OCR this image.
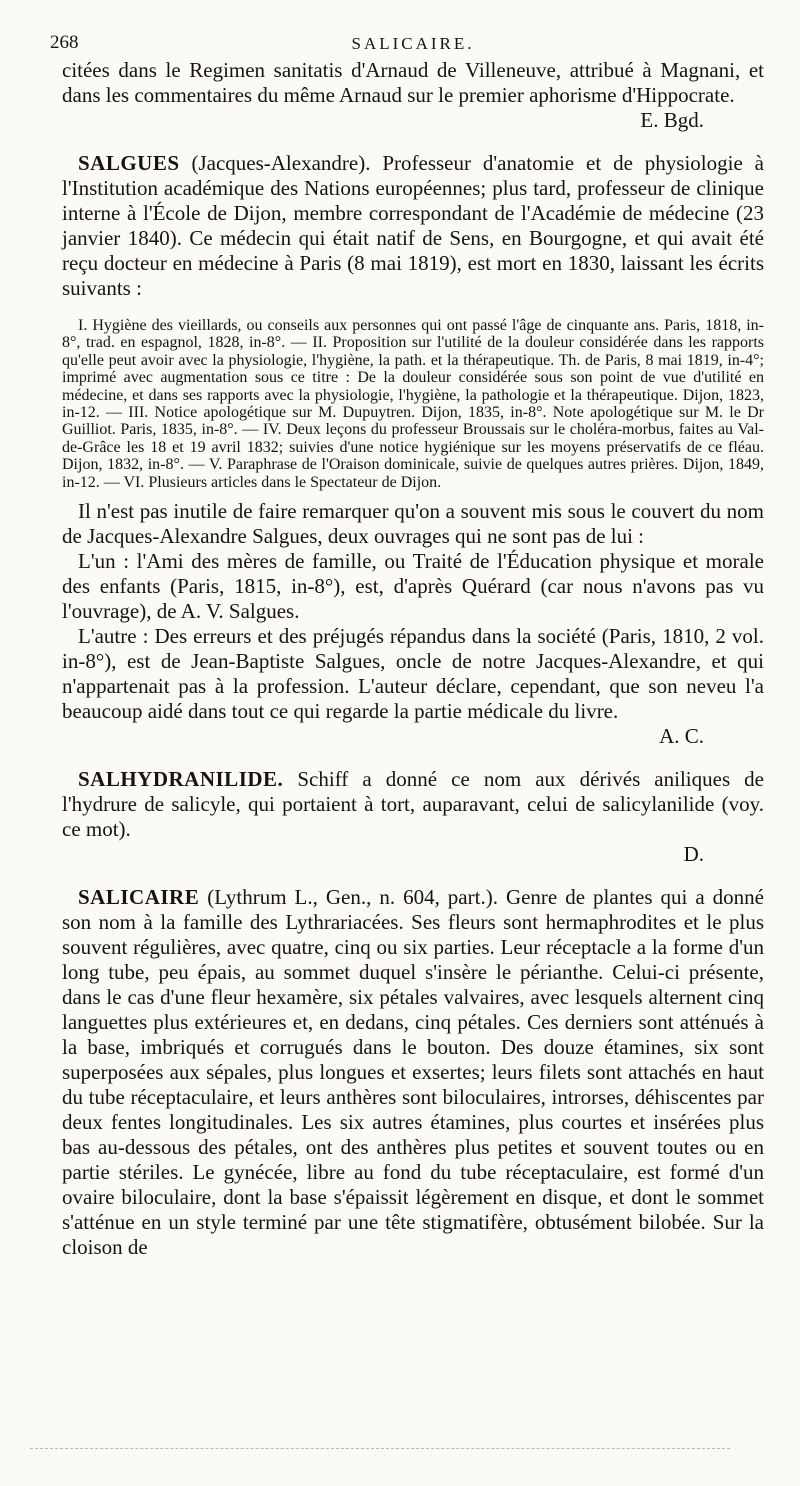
268	SALICAIRE.

citées dans le Regimen sanitatis d'Arnaud de Villeneuve, attribué à Magnani, et dans les commentaires du même Arnaud sur le premier aphorisme d'Hippocrate.

E. Bgd.

SALGUES (Jacques-Alexandre). Professeur d'anatomie et de physiologie à l'Institution académique des Nations européennes; plus tard, professeur de clinique interne à l'École de Dijon, membre correspondant de l'Académie de médecine (23 janvier 1840). Ce médecin qui était natif de Sens, en Bourgogne, et qui avait été reçu docteur en médecine à Paris (8 mai 1819), est mort en 1830, laissant les écrits suivants :

I. Hygiène des vieillards, ou conseils aux personnes qui ont passé l'âge de cinquante ans. Paris, 1818, in-8°, trad. en espagnol, 1828, in-8°. — II. Proposition sur l'utilité de la douleur considérée dans les rapports qu'elle peut avoir avec la physiologie, l'hygiène, la path. et la thérapeutique. Th. de Paris, 8 mai 1819, in-4°; imprimé avec augmentation sous ce titre : De la douleur considérée sous son point de vue d'utilité en médecine, et dans ses rapports avec la physiologie, l'hygiène, la pathologie et la thérapeutique. Dijon, 1823, in-12. — III. Notice apologétique sur M. Dupuytren. Dijon, 1835, in-8°. Note apologétique sur M. le Dr Guilliot. Paris, 1835, in-8°. — IV. Deux leçons du professeur Broussais sur le choléra-morbus, faites au Val-de-Grâce les 18 et 19 avril 1832; suivies d'une notice hygiénique sur les moyens préservatifs de ce fléau. Dijon, 1832, in-8°. — V. Paraphrase de l'Oraison dominicale, suivie de quelques autres prières. Dijon, 1849, in-12. — VI. Plusieurs articles dans le Spectateur de Dijon.

Il n'est pas inutile de faire remarquer qu'on a souvent mis sous le couvert du nom de Jacques-Alexandre Salgues, deux ouvrages qui ne sont pas de lui :

L'un : l'Ami des mères de famille, ou Traité de l'Éducation physique et morale des enfants (Paris, 1815, in-8°), est, d'après Quérard (car nous n'avons pas vu l'ouvrage), de A. V. Salgues.

L'autre : Des erreurs et des préjugés répandus dans la société (Paris, 1810, 2 vol. in-8°), est de Jean-Baptiste Salgues, oncle de notre Jacques-Alexandre, et qui n'appartenait pas à la profession. L'auteur déclare, cependant, que son neveu l'a beaucoup aidé dans tout ce qui regarde la partie médicale du livre.

A. C.

SALHYDRANILIDE. Schiff a donné ce nom aux dérivés aniliques de l'hydrure de salicyle, qui portaient à tort, auparavant, celui de salicylanilide (voy. ce mot).

D.

SALICAIRE (Lythrum L., Gen., n. 604, part.). Genre de plantes qui a donné son nom à la famille des Lythrariacées. Ses fleurs sont hermaphrodites et le plus souvent régulières, avec quatre, cinq ou six parties. Leur réceptacle a la forme d'un long tube, peu épais, au sommet duquel s'insère le périanthe. Celui-ci présente, dans le cas d'une fleur hexamère, six pétales valvaires, avec lesquels alternent cinq languettes plus extérieures et, en dedans, cinq pétales. Ces derniers sont atténués à la base, imbriqués et corrugués dans le bouton. Des douze étamines, six sont superposées aux sépales, plus longues et exsertes; leurs filets sont attachés en haut du tube réceptaculaire, et leurs anthères sont biloculaires, introrses, déhiscentes par deux fentes longitudinales. Les six autres étamines, plus courtes et insérées plus bas au-dessous des pétales, ont des anthères plus petites et souvent toutes ou en partie stériles. Le gynécée, libre au fond du tube réceptaculaire, est formé d'un ovaire biloculaire, dont la base s'épaissit légèrement en disque, et dont le sommet s'atténue en un style terminé par une tête stigmatifère, obtusément bilobée. Sur la cloison de
